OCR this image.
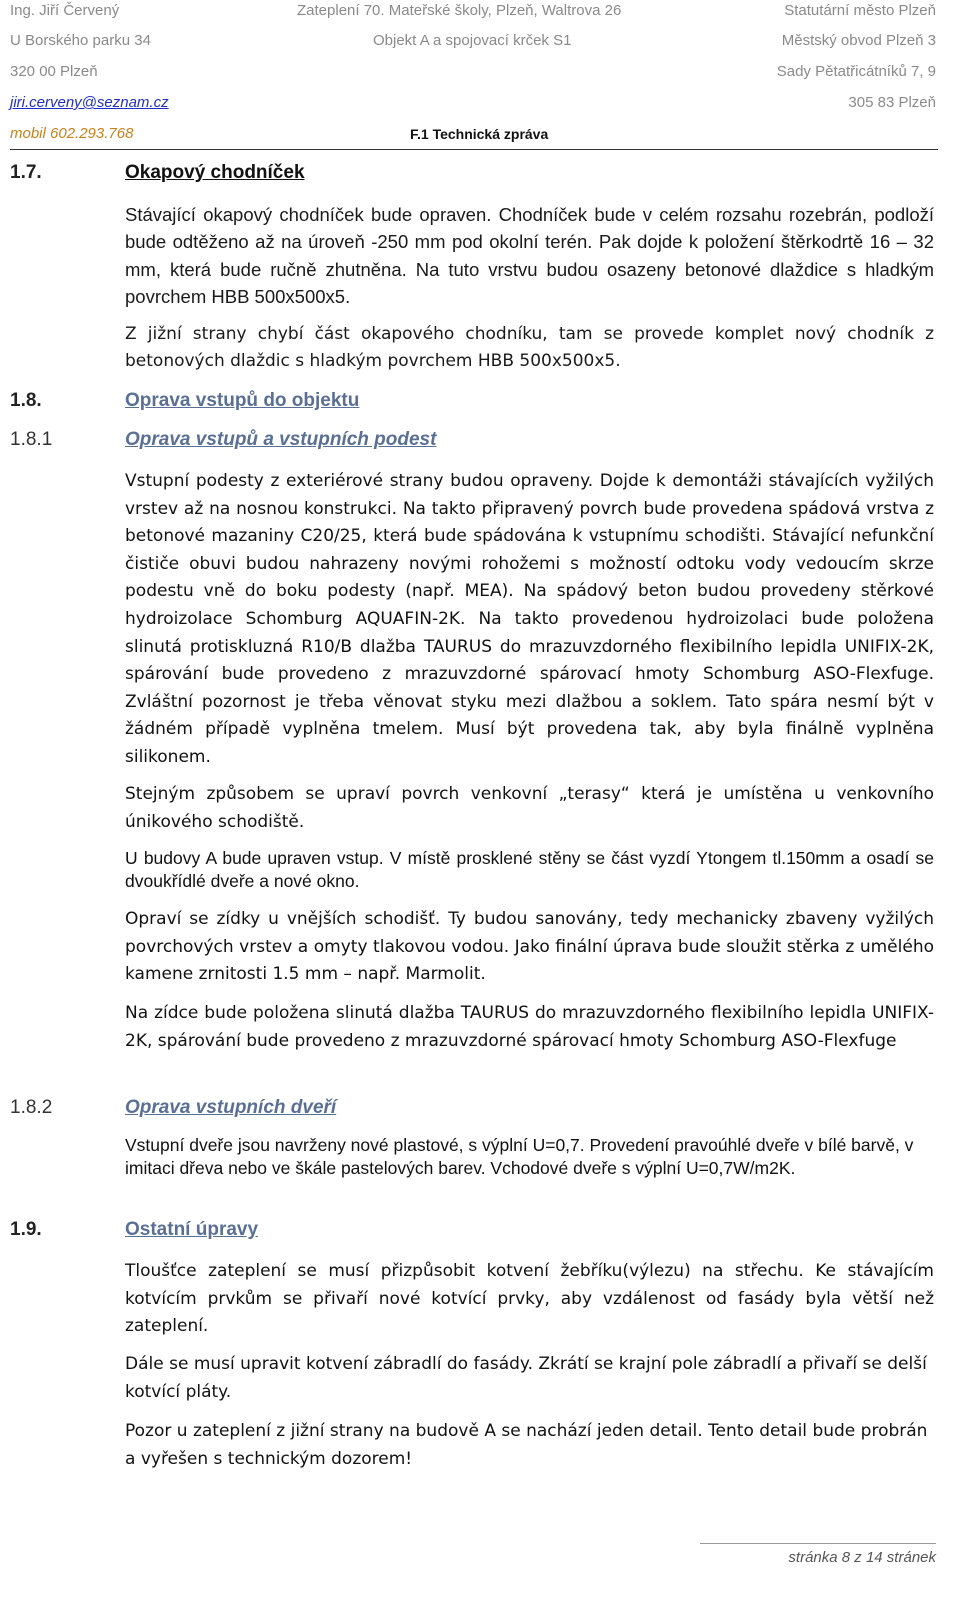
Ing. Jiří Červený	Zateplení 70. Mateřské školy, Plzeň, Waltrova 26	Statutární město Plzeň
U Borského parku 34	Objekt A a spojovací krček S1	Městský obvod Plzeň 3
320 00 Plzeň	Sady Pětatřicátníků 7, 9
jiri.cerveny@seznam.cz	305 83 Plzeň
mobil 602.293.768	F.1 Technická zpráva
1.7.	Okapový chodníček

Stávající okapový chodníček bude opraven. Chodníček bude v celém rozsahu rozebrán, podloží bude odtěženo až na úroveň -250 mm pod okolní terén. Pak dojde k položení štěrkodrtě 16 – 32 mm, která bude ručně zhutněna. Na tuto vrstvu budou osazeny betonové dlaždice s hladkým povrchem HBB 500x500x5.

Z jižní strany chybí část okapového chodníku, tam se provede komplet nový chodník z betonových dlaždic s hladkým povrchem HBB 500x500x5.

1.8.	Oprava vstupů do objektu
1.8.1	Oprava vstupů a vstupních podest

Vstupní podesty z exteriérové strany budou opraveny. Dojde k demontáži stávajících vyžilých vrstev až na nosnou konstrukci. Na takto připravený povrch bude provedena spádová vrstva z betonové mazaniny C20/25, která bude spádována k vstupnímu schodišti. Stávající nefunkční čističe obuvi budou nahrazeny novými rohožemi s možností odtoku vody vedoucím skrze podestu vně do boku podesty (např. MEA). Na spádový beton budou provedeny stěrkové hydroizolace Schomburg AQUAFIN-2K. Na takto provedenou hydroizolaci bude položena slinutá protiskluzná R10/B dlažba TAURUS do mrazuvzdorného flexibilního lepidla UNIFIX-2K, spárování bude provedeno z mrazuvzdorné spárovací hmoty Schomburg ASO-Flexfuge. Zvláštní pozornost je třeba věnovat styku mezi dlažbou a soklem. Tato spára nesmí být v žádném případě vyplněna tmelem. Musí být provedena tak, aby byla finálně vyplněna silikonem.

Stejným způsobem se upraví povrch venkovní „terasy“ která je umístěna u venkovního únikového schodiště.

U budovy A bude upraven vstup. V místě prosklené stěny se část vyzdí Ytongem tl.150mm a osadí se dvoukřídlé dveře a nové okno.

Opraví se zídky u vnějších schodišť. Ty budou sanovány, tedy mechanicky zbaveny vyžilých povrchových vrstev a omyty tlakovou vodou. Jako finální úprava bude sloužit stěrka z umělého kamene zrnitosti 1.5 mm – např. Marmolit.

Na zídce bude položena slinutá dlažba TAURUS do mrazuvzdorného flexibilního lepidla UNIFIX-2K, spárování bude provedeno z mrazuvzdorné spárovací hmoty Schomburg ASO-Flexfuge

1.8.2	Oprava vstupních dveří

Vstupní dveře jsou navrženy nové plastové, s výplní U=0,7. Provedení pravoúhlé dveře v bílé barvě, v imitaci dřeva nebo ve škále pastelových barev. Vchodové dveře s výplní U=0,7W/m2K.

1.9.	Ostatní úpravy

Tloušťce zateplení se musí přizpůsobit kotvení žebříku(výlezu) na střechu. Ke stávajícím kotvícím prvkům se přivaří nové kotvící prvky, aby vzdálenost od fasády byla větší než zateplení.

Dále se musí upravit kotvení zábradlí do fasády. Zkrátí se krajní pole zábradlí a přivaří se delší kotvící pláty.

Pozor u zateplení z jižní strany na budově A se nachází jeden detail. Tento detail bude probrán a vyřešen s technickým dozorem!

stránka 8 z 14 stránek
